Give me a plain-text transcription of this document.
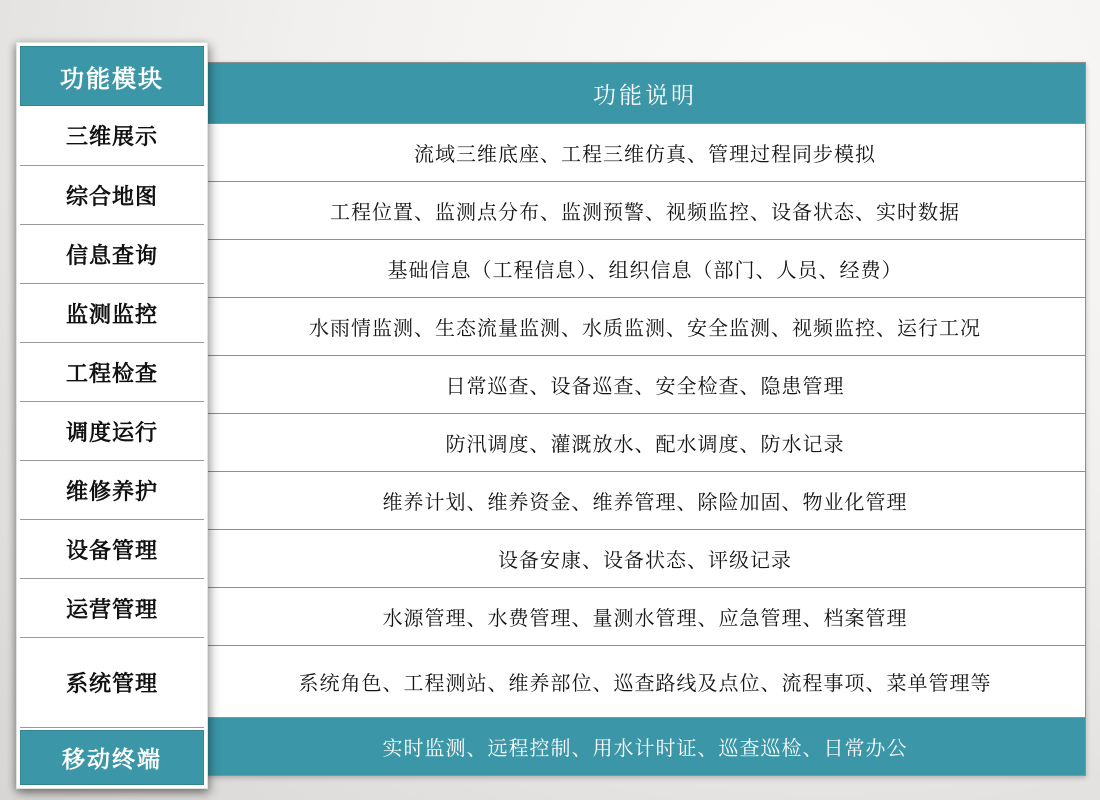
功能说明
流域三维底座、工程三维仿真、管理过程同步模拟
工程位置、监测点分布、监测预警、视频监控、设备状态、实时数据
基础信息（工程信息）、组织信息（部门、人员、经费）
水雨情监测、生态流量监测、水质监测、安全监测、视频监控、运行工况
日常巡查、设备巡查、安全检查、隐患管理
防汛调度、灌溉放水、配水调度、防水记录
维养计划、维养资金、维养管理、除险加固、物业化管理
设备安康、设备状态、评级记录
水源管理、水费管理、量测水管理、应急管理、档案管理
系统角色、工程测站、维养部位、巡查路线及点位、流程事项、菜单管理等
实时监测、远程控制、用水计时证、巡查巡检、日常办公
功能模块
三维展示
综合地图
信息查询
监测监控
工程检查
调度运行
维修养护
设备管理
运营管理
系统管理
移动终端
